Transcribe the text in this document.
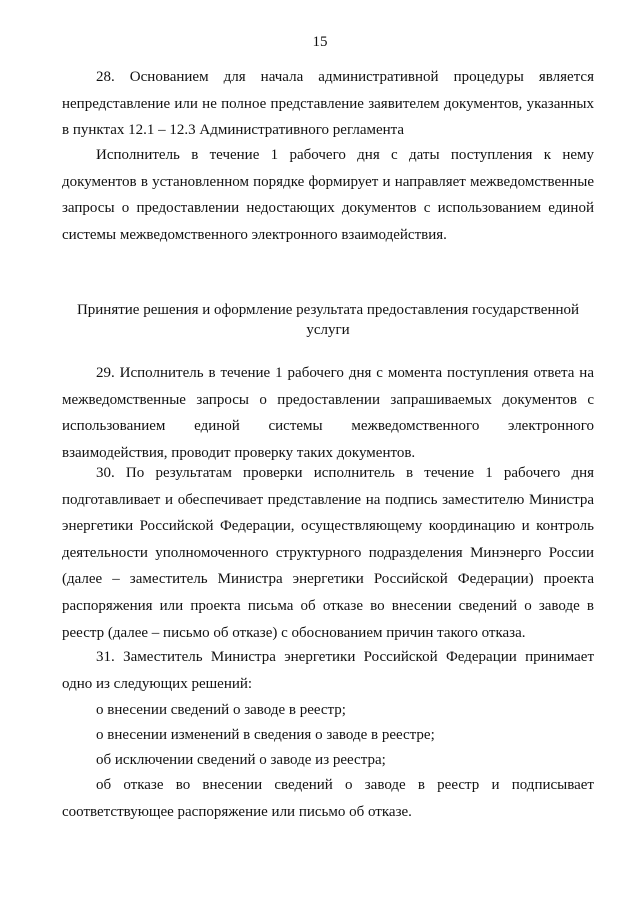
15
28. Основанием для начала административной процедуры является непредставление или не полное представление заявителем документов, указанных в пунктах 12.1 – 12.3 Административного регламента
Исполнитель в течение 1 рабочего дня с даты поступления к нему документов в установленном порядке формирует и направляет межведомственные запросы о предоставлении недостающих документов с использованием единой системы межведомственного электронного взаимодействия.
Принятие решения и оформление результата предоставления государственной услуги
29. Исполнитель в течение 1 рабочего дня с момента поступления ответа на межведомственные запросы о предоставлении запрашиваемых документов с использованием единой системы межведомственного электронного взаимодействия, проводит проверку таких документов.
30. По результатам проверки исполнитель в течение 1 рабочего дня подготавливает и обеспечивает представление на подпись заместителю Министра энергетики Российской Федерации, осуществляющему координацию и контроль деятельности уполномоченного структурного подразделения Минэнерго России (далее – заместитель Министра энергетики Российской Федерации) проекта распоряжения или проекта письма об отказе во внесении сведений о заводе в реестр (далее – письмо об отказе) с обоснованием причин такого отказа.
31. Заместитель Министра энергетики Российской Федерации принимает одно из следующих решений:
о внесении сведений о заводе в реестр;
о внесении изменений в сведения о заводе в реестре;
об исключении сведений о заводе из реестра;
об отказе во внесении сведений о заводе в реестр и подписывает соответствующее распоряжение или письмо об отказе.
